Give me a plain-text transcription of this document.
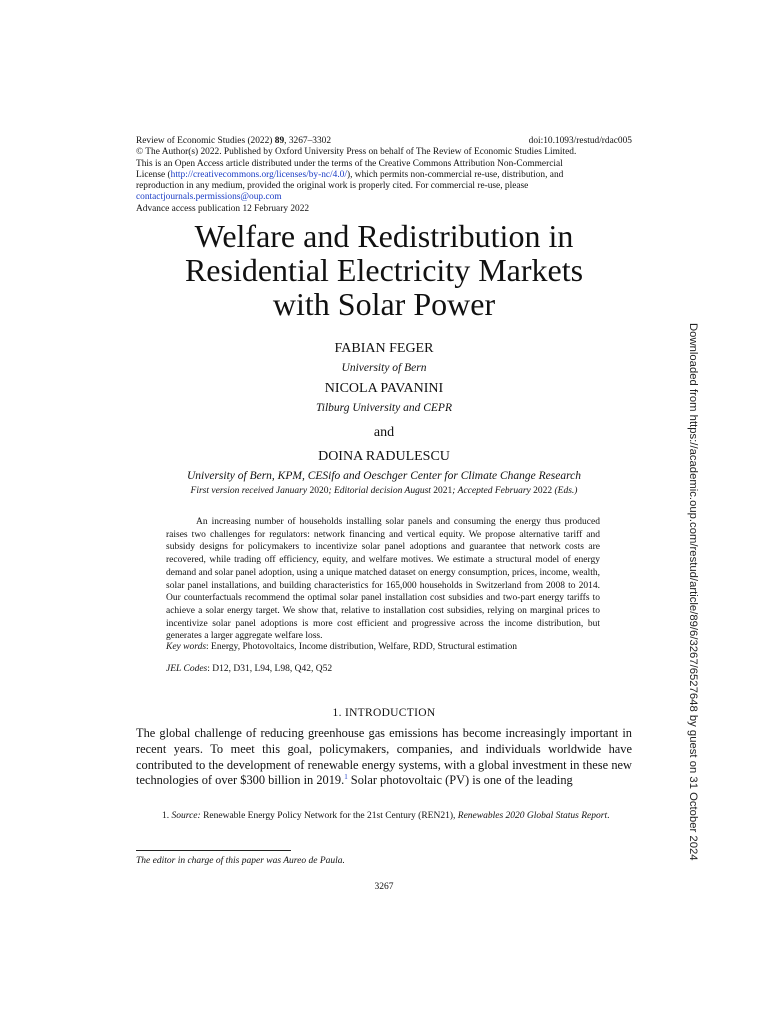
Review of Economic Studies (2022) 89, 3267–3302	doi:10.1093/restud/rdac005
© The Author(s) 2022. Published by Oxford University Press on behalf of The Review of Economic Studies Limited.
This is an Open Access article distributed under the terms of the Creative Commons Attribution Non-Commercial
License (http://creativecommons.org/licenses/by-nc/4.0/), which permits non-commercial re-use, distribution, and
reproduction in any medium, provided the original work is properly cited. For commercial re-use, please
contactjournals.permissions@oup.com
Advance access publication 12 February 2022
Welfare and Redistribution in
Residential Electricity Markets
with Solar Power
FABIAN FEGER
University of Bern
NICOLA PAVANINI
Tilburg University and CEPR
and
DOINA RADULESCU
University of Bern, KPM, CESifo and Oeschger Center for Climate Change Research
First version received January 2020; Editorial decision August 2021; Accepted February 2022 (Eds.)
An increasing number of households installing solar panels and consuming the energy thus produced raises two challenges for regulators: network financing and vertical equity. We propose alternative tariff and subsidy designs for policymakers to incentivize solar panel adoptions and guarantee that network costs are recovered, while trading off efficiency, equity, and welfare motives. We estimate a structural model of energy demand and solar panel adoption, using a unique matched dataset on energy consumption, prices, income, wealth, solar panel installations, and building characteristics for 165,000 households in Switzerland from 2008 to 2014. Our counterfactuals recommend the optimal solar panel installation cost subsidies and two-part energy tariffs to achieve a solar energy target. We show that, relative to installation cost subsidies, relying on marginal prices to incentivize solar panel adoptions is more cost efficient and progressive across the income distribution, but generates a larger aggregate welfare loss.
Key words: Energy, Photovoltaics, Income distribution, Welfare, RDD, Structural estimation
JEL Codes: D12, D31, L94, L98, Q42, Q52
1. INTRODUCTION
The global challenge of reducing greenhouse gas emissions has become increasingly important in recent years. To meet this goal, policymakers, companies, and individuals worldwide have contributed to the development of renewable energy systems, with a global investment in these new technologies of over $300 billion in 2019.$^1$ Solar photovoltaic (PV) is one of the leading
1. Source: Renewable Energy Policy Network for the 21st Century (REN21), Renewables 2020 Global Status Report.
The editor in charge of this paper was Aureo de Paula.
3267
Downloaded from https://academic.oup.com/restud/article/89/6/3267/6527648 by guest on 31 October 2024
